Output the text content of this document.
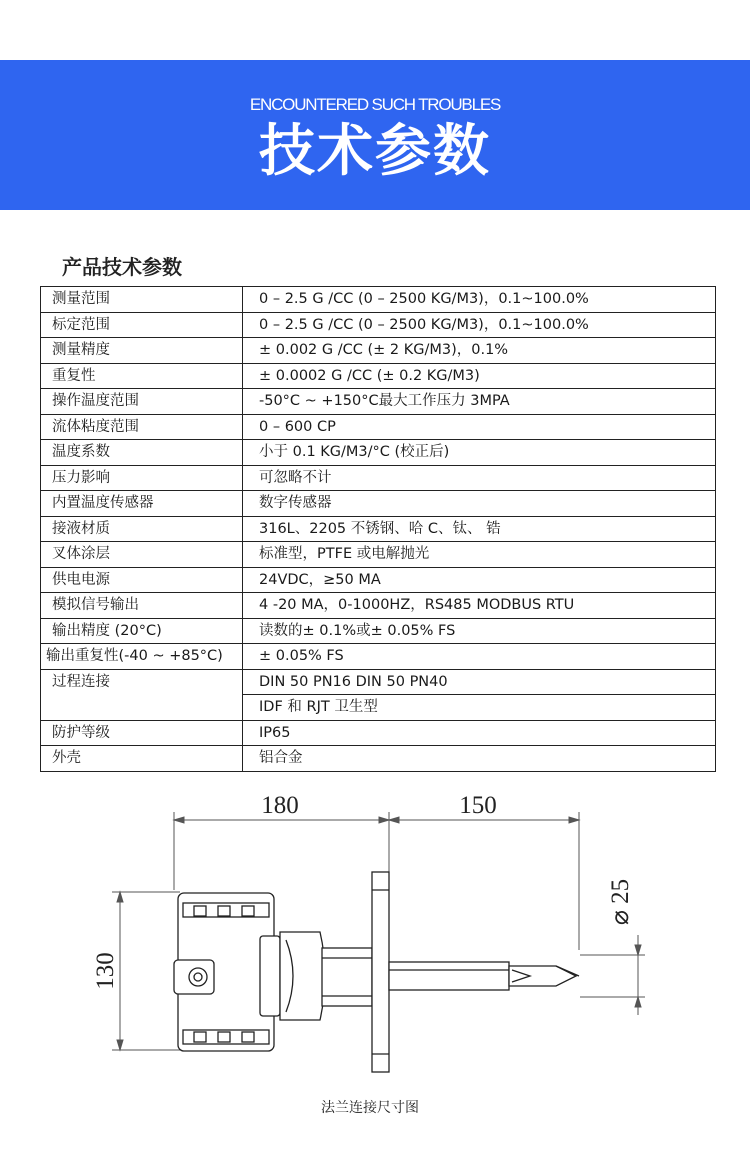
ENCOUNTERED SUCH TROUBLES
技术参数
产品技术参数
测量范围	0 – 2.5 G /CC (0 – 2500 KG/M3)，0.1~100.0%
标定范围	0 – 2.5 G /CC (0 – 2500 KG/M3)，0.1~100.0%
测量精度	± 0.002 G /CC (± 2 KG/M3)，0.1%
重复性	± 0.0002 G /CC (± 0.2 KG/M3)
操作温度范围	-50°C ~ +150°C最大工作压力 3MPA
流体粘度范围	0 – 600 CP
温度系数	小于 0.1 KG/M3/°C (校正后)
压力影响	可忽略不计
内置温度传感器	数字传感器
接液材质	316L、2205 不锈钢、哈 C、钛、 锆
叉体涂层	标准型，PTFE 或电解抛光
供电电源	24VDC，≥50 MA
模拟信号输出	4 -20 MA，0-1000HZ，RS485 MODBUS RTU
输出精度 (20°C)	读数的± 0.1%或± 0.05% FS
输出重复性(-40 ~ +85°C)	± 0.05% FS
过程连接	DIN 50 PN16 DIN 50 PN40
	IDF 和 RJT 卫生型
防护等级	IP65
外壳	铝合金
180	150
130
⌀ 25
法兰连接尺寸图
